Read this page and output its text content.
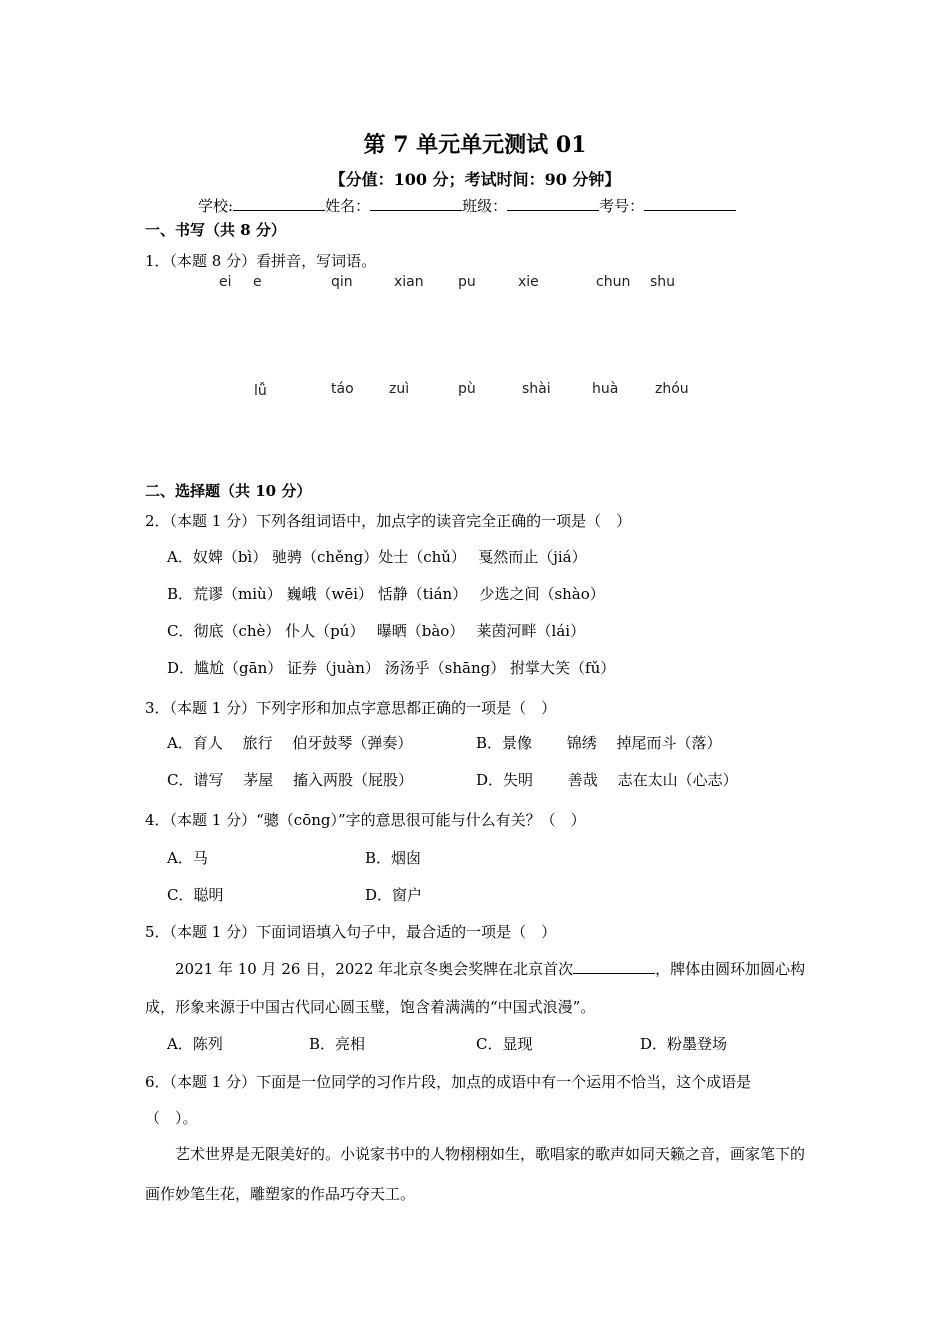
第 7 单元单元测试 01
【分值：100 分；考试时间：90 分钟】
学校:	姓名：	班级：	考号：
一、书写（共 8 分）
1．（本题 8 分）看拼音，写词语。
ei e	qin	xian pu	xie	chun shu
lǚ	táo	zuì	pù	shài	huà	zhóu
二、选择题（共 10 分）
2．（本题 1 分）下列各组词语中，加点字的读音完全正确的一项是（　）
A．奴婢（bì） 驰骋（chěng）处士（chǔ）　 戛然而止（jiá）
B．荒谬（miù） 巍峨（wēi） 恬静（tián）　 少选之间（shào）
C．彻底（chè） 仆人（pú）　 曝晒（bào）　 莱茵河畔（lái）
D．尴尬（gān） 证券（juàn） 汤汤乎（shāng） 拊掌大笑（fǔ）
3．（本题 1 分）下列字形和加点字意思都正确的一项是（　）
A．育人　 旅行　 伯牙鼓琴（弹奏）	B．景像　　 锦绣　 掉尾而斗（落）
C．谱写　 茅屋　 搐入两股（屁股）	D．失明　　 善哉　 志在太山（心志）
4．（本题 1 分）“骢（cōng）”字的意思很可能与什么有关？（　）
A．马	B．烟囱
C．聪明	D．窗户
5．（本题 1 分）下面词语填入句子中，最合适的一项是（　）
2021 年 10 月 26 日，2022 年北京冬奥会奖牌在北京首次	，牌体由圆环加圆心构成，形象来源于中国古代同心圆玉璧，饱含着满满的“中国式浪漫”。
A．陈列	B．亮相	C．显现	D．粉墨登场
6．（本题 1 分）下面是一位同学的习作片段，加点的成语中有一个运用不恰当，这个成语是
（　）。
艺术世界是无限美好的。小说家书中的人物栩栩如生，歌唱家的歌声如同天籁之音，画家笔下的画作妙笔生花，雕塑家的作品巧夺天工。
